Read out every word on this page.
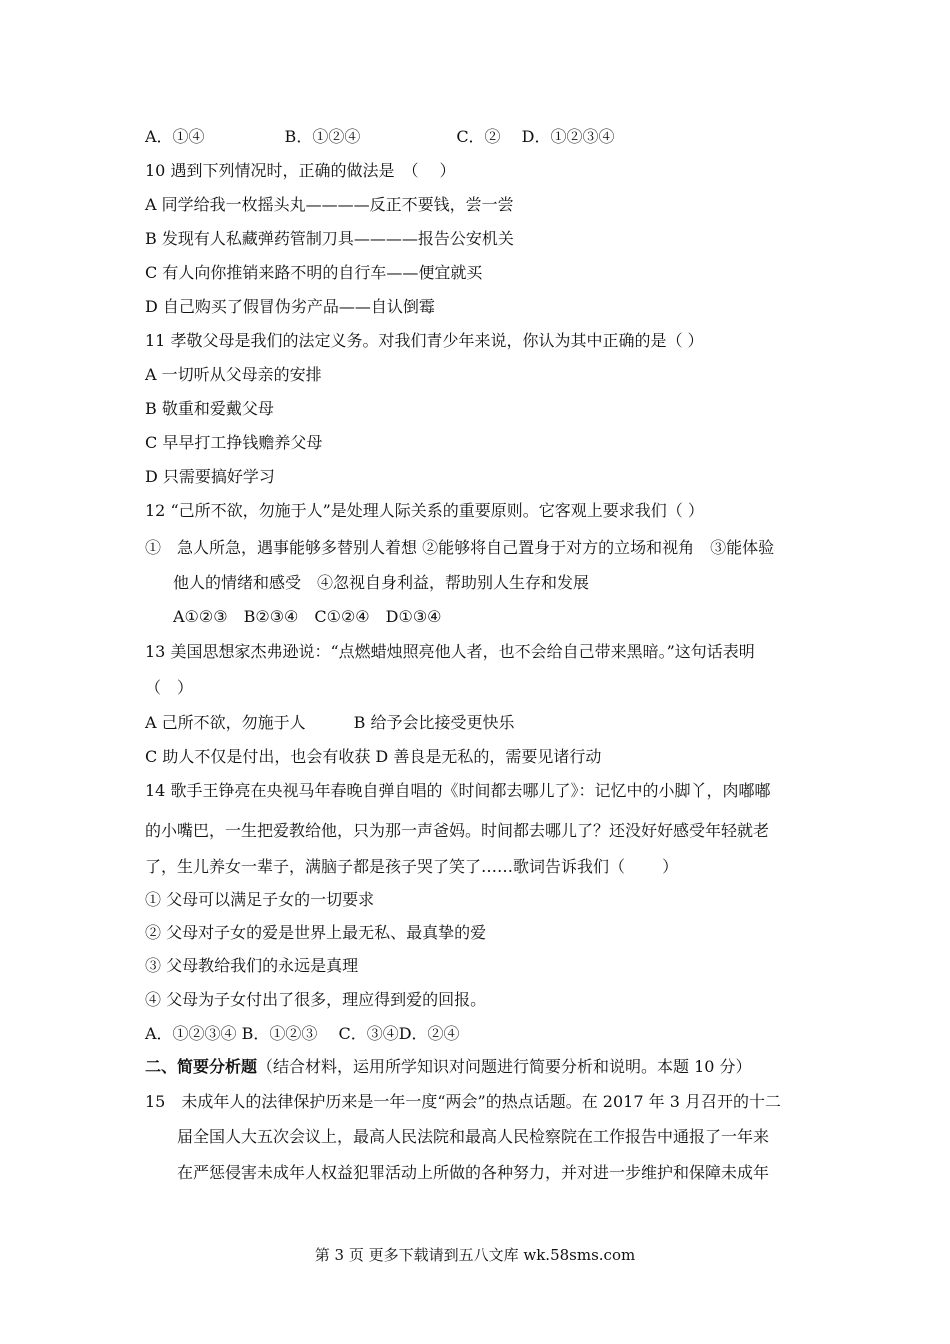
A．①④　　　　　B．①②④　　　　　　C．②　 D．①②③④
10 遇到下列情况时，正确的做法是　（　 ）
A 同学给我一枚摇头丸————反正不要钱，尝一尝
B 发现有人私藏弹药管制刀具————报告公安机关
C 有人向你推销来路不明的自行车——便宜就买
D 自己购买了假冒伪劣产品——自认倒霉
11 孝敬父母是我们的法定义务。对我们青少年来说，你认为其中正确的是（ ）
A 一切听从父母亲的安排
B 敬重和爱戴父母
C 早早打工挣钱赡养父母
D 只需要搞好学习
12 “己所不欲，勿施于人”是处理人际关系的重要原则。它客观上要求我们（ ）
①　急人所急，遇事能够多替别人着想 ②能够将自己置身于对方的立场和视角　③能体验
他人的情绪和感受　④忽视自身利益，帮助别人生存和发展
A①②③　B②③④　C①②④　D①③④
13 美国思想家杰弗逊说：“点燃蜡烛照亮他人者，也不会给自己带来黑暗。”这句话表明
（　）
A 己所不欲，勿施于人　　　B 给予会比接受更快乐
C 助人不仅是付出，也会有收获 D 善良是无私的，需要见诸行动
14 歌手王铮亮在央视马年春晚自弹自唱的《时间都去哪儿了》：记忆中的小脚丫，肉嘟嘟
的小嘴巴，一生把爱教给他，只为那一声爸妈。时间都去哪儿了？还没好好感受年轻就老
了，生儿养女一辈子，满脑子都是孩子哭了笑了……歌词告诉我们（　　 ）
① 父母可以满足子女的一切要求
② 父母对子女的爱是世界上最无私、最真挚的爱
③ 父母教给我们的永远是真理
④ 父母为子女付出了很多，理应得到爱的回报。
A．①②③④ B．①②③　 C．③④D．②④
二、简要分析题（结合材料，运用所学知识对问题进行简要分析和说明。本题 10 分）
15　未成年人的法律保护历来是一年一度“两会”的热点话题。在 2017 年 3 月召开的十二
届全国人大五次会议上，最高人民法院和最高人民检察院在工作报告中通报了一年来
在严惩侵害未成年人权益犯罪活动上所做的各种努力，并对进一步维护和保障未成年
第 3 页 更多下载请到五八文库 wk.58sms.com
